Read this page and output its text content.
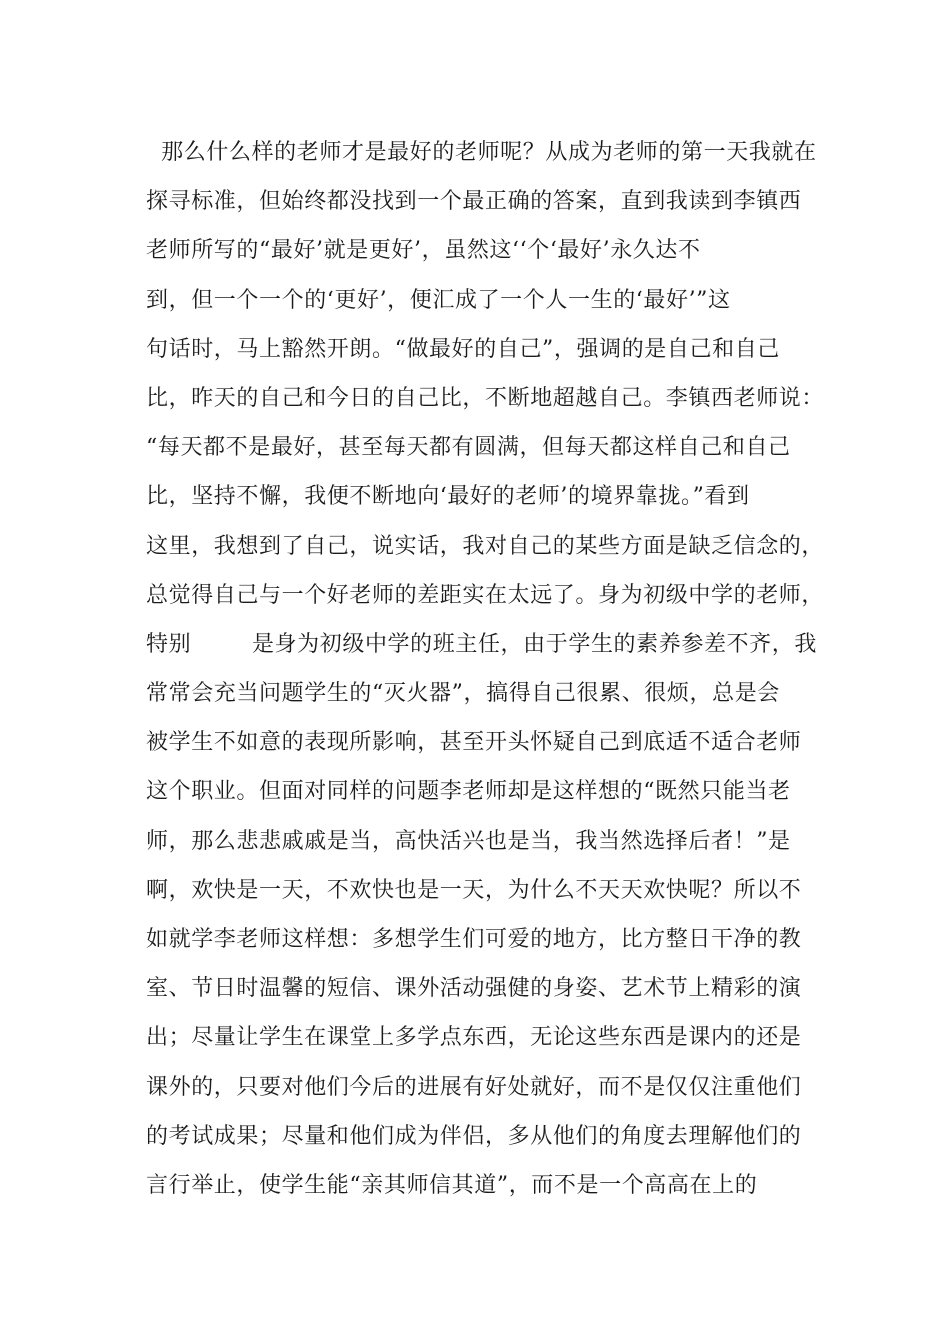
那么什么样的老师才是最好的老师呢？从成为老师的第一天我就在
探寻标准，但始终都没找到一个最正确的答案，直到我读到李镇西
老师所写的“最好’就是更好’，虽然这‘‘个‘最好’永久达不
到，但一个一个的‘更好’，便汇成了一个人一生的‘最好’”这
句话时，马上豁然开朗。“做最好的自己”，强调的是自己和自己
比，昨天的自己和今日的自己比，不断地超越自己。李镇西老师说：
“每天都不是最好，甚至每天都有圆满，但每天都这样自己和自己
比，坚持不懈，我便不断地向‘最好的老师’的境界靠拢。”看到
这里，我想到了自己，说实话，我对自己的某些方面是缺乏信念的，
总觉得自己与一个好老师的差距实在太远了。身为初级中学的老师，
特别        是身为初级中学的班主任，由于学生的素养参差不齐，我
常常会充当问题学生的“灭火器”，搞得自己很累、很烦，总是会
被学生不如意的表现所影响，甚至开头怀疑自己到底适不适合老师
这个职业。但面对同样的问题李老师却是这样想的“既然只能当老
师，那么悲悲戚戚是当，高快活兴也是当，我当然选择后者！”是
啊，欢快是一天，不欢快也是一天，为什么不天天欢快呢？所以不
如就学李老师这样想：多想学生们可爱的地方，比方整日干净的教
室、节日时温馨的短信、课外活动强健的身姿、艺术节上精彩的演
出；尽量让学生在课堂上多学点东西，无论这些东西是课内的还是
课外的，只要对他们今后的进展有好处就好，而不是仅仅注重他们
的考试成果；尽量和他们成为伴侣，多从他们的角度去理解他们的
言行举止，使学生能“亲其师信其道”，而不是一个高高在上的
